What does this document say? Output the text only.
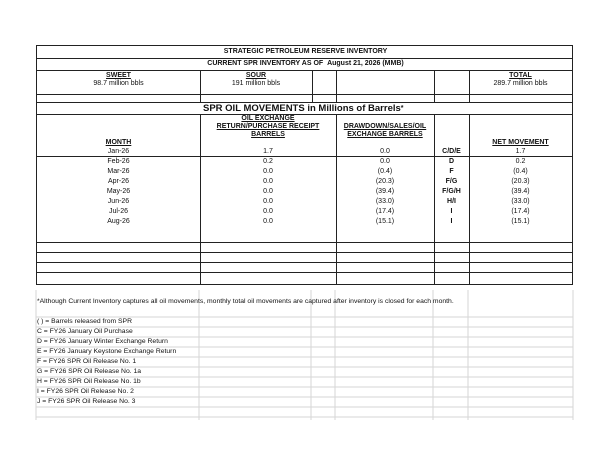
STRATEGIC PETROLEUM RESERVE INVENTORY
CURRENT SPR INVENTORY AS OF August 21, 2026 (MMB)
SWEET
98.7 million bbls
SOUR
191 million bbls
TOTAL
289.7 million bbls
SPR OIL MOVEMENTS in Millions of Barrels*
OIL EXCHANGE
RETURN/PURCHASE RECEIPT
BARRELS
DRAWDOWN/SALES/OIL
EXCHANGE BARRELS
MONTH	NET MOVEMENT
Jan-26	1.7	0.0	C/D/E	1.7
Feb-26	0.2	0.0	D	0.2
Mar-26	0.0	(0.4)	F	(0.4)
Apr-26	0.0	(20.3)	F/G	(20.3)
May-26	0.0	(39.4)	F/G/H	(39.4)
Jun-26	0.0	(33.0)	H/I	(33.0)
Jul-26	0.0	(17.4)	I	(17.4)
Aug-26	0.0	(15.1)	I	(15.1)
*Although Current Inventory captures all oil movements, monthly total oil movements are captured after inventory is closed for each month.
( ) = Barrels released from SPR
C = FY26 January Oil Purchase
D = FY26 January Winter Exchange Return
E = FY26 January Keystone Exchange Return
F = FY26 SPR Oil Release No. 1
G = FY26 SPR Oil Release No. 1a
H = FY26 SPR Oil Release No. 1b
I = FY26 SPR Oil Release No. 2
J = FY26 SPR Oil Release No. 3
